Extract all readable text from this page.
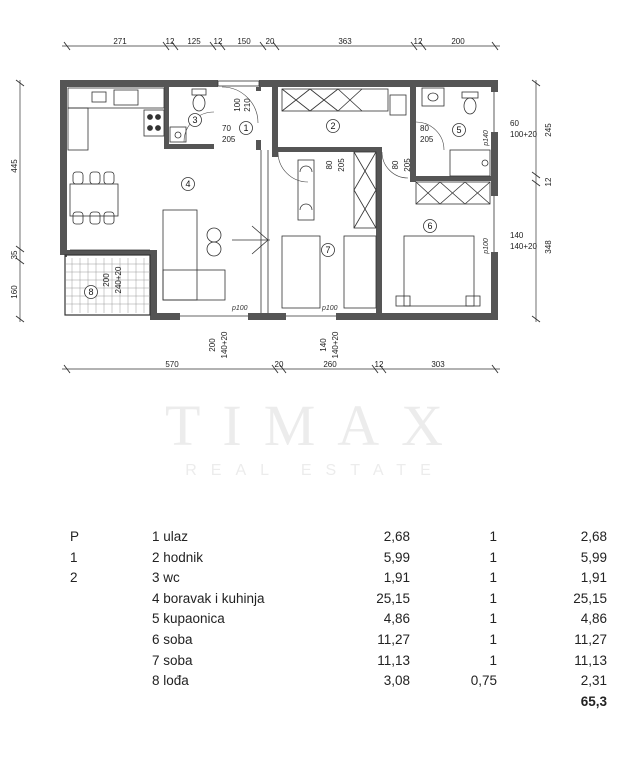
271	12 125 12 150 20	363	12	200
570	20	260	12	303
445
35
160
245
12
348
1	2
3
4
5
6
7
8
70
205
100 210
80 205	80 205
80
205
60
100+20
140
140+20
200 140+20	140 140+20
200 240+20
p100	p100
p100
p140
TIMAX
REAL ESTATE
P	1 ulaz	2,68	1	2,68
1	2 hodnik	5,99	1	5,99
2	3 wc	1,91	1	1,91
4 boravak i kuhinja	25,15	1	25,15
5 kupaonica	4,86	1	4,86
6 soba	11,27	1	11,27
7 soba	11,13	1	11,13
8 lođa	3,08	0,75	2,31
65,3
